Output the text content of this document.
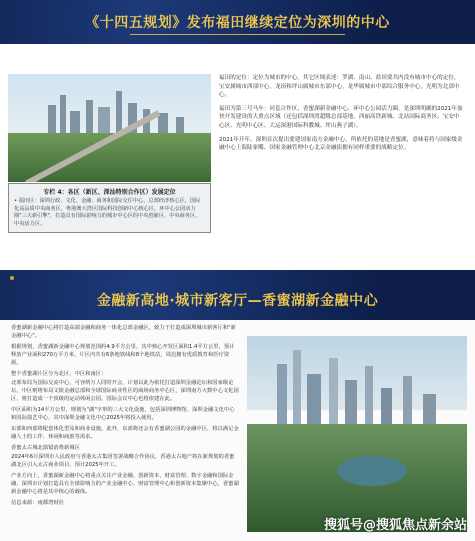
《十四五规划》发布福田继续定位为深圳的中心
专栏 4：各区（新区、深汕特别合作区）发展定位
• 福田区：深圳行政、文化、金融、商务和国际交往中心，总部经济核心区，国际化高品质中央商务区，粤港澳大湾区国际科技创新中心核心区，环中心公园活力圈"三大新引擎"，打造具有国际影响力的城市中心区的中央创新区、中央商务区、中央活力区。

福田的定位：定位为城市的中心。其它区域表述：罗湖、南山、盐田要共内没有城市中心的定位，宝安属城市西部中心，龙岗和坪山属城市东部中心，龙华属城市中部综合服务中心，光明为北部中心。

福田为第三号马车：河套合作区、香蜜湖新金融中心、环中心公园活力圈。是深圳明确的2021年加快开发建设的大重点区域（还包括深圳湾超级总部基地、西丽高铁新城、北站国际商务区、宝安中心区、光明中心区、大运深港国际科教城、坪山燕子湖）。

2021年开年，深圳首次提出要建国家南方金融中心，所依托的基地是香蜜湖，意味着将与国家级金融中心上海陆家嘴、国家金融管理中心北京金融街拥有同样重要的战略定位。

金融新高地·城市新客厅—香蜜湖新金融中心

香蜜湖新金融中心将打造高端金融和商务一体化总部金融区，致力于打造成深圳城市新客厅和"新金融中心"。

根据规划，香蜜湖新金融中心规划范围约4.9平方公里，其中核心开发区面积1.4平方公里，预计释放产业面积270万平方米，片区内共有6条地铁线和8个地铁站，周边拥有优质教育和医疗资源。

整个香蜜湖片区分为北区、中区和南区：

北部布局为国际交流中心，可容纳万人同时开会，计划以此为依托打造深圳金融论坛和国家级论坛，中区则将布局文娱金融总部和全球国际商业性区的商场商务中心区，深圳南方大数中心文化园区，将打造成一个顶级的运动休闲公园，国际会议中心也将依建在此。

中区面积为14平方公里，规划为"湖"字形的三大文化设施，包括深圳博物馆、深圳金融文化中心和国际演艺中心，其中深圳金融文化中心2025年将投入使用。

东部和西部将配套体化型及和商业设施，此外，东部将还会有香蜜湖公园的金融中区，将以满足金融人士的工作、休闲和商旅等需求。

香蜜太古城北演镜消费新城区

2024年6月深圳市人民政府与香港太古集团签署战略合作协议，香港太古地产将在新规划的香蜜湖北区引入太古商业项目，预计2025年开工。

产业方向上，香蜜湖新金融中心将重点关注产业金融、创新资本、财富管理、数字金融和国际金融，深圳市计划打造具有全球影响力的产业金融中心、财富管理中心和创新资本集聚中心，香蜜湖新金融中心将是其中核心的载体。

信息来源：南都湾财社

搜狐号@搜狐焦点新余站
